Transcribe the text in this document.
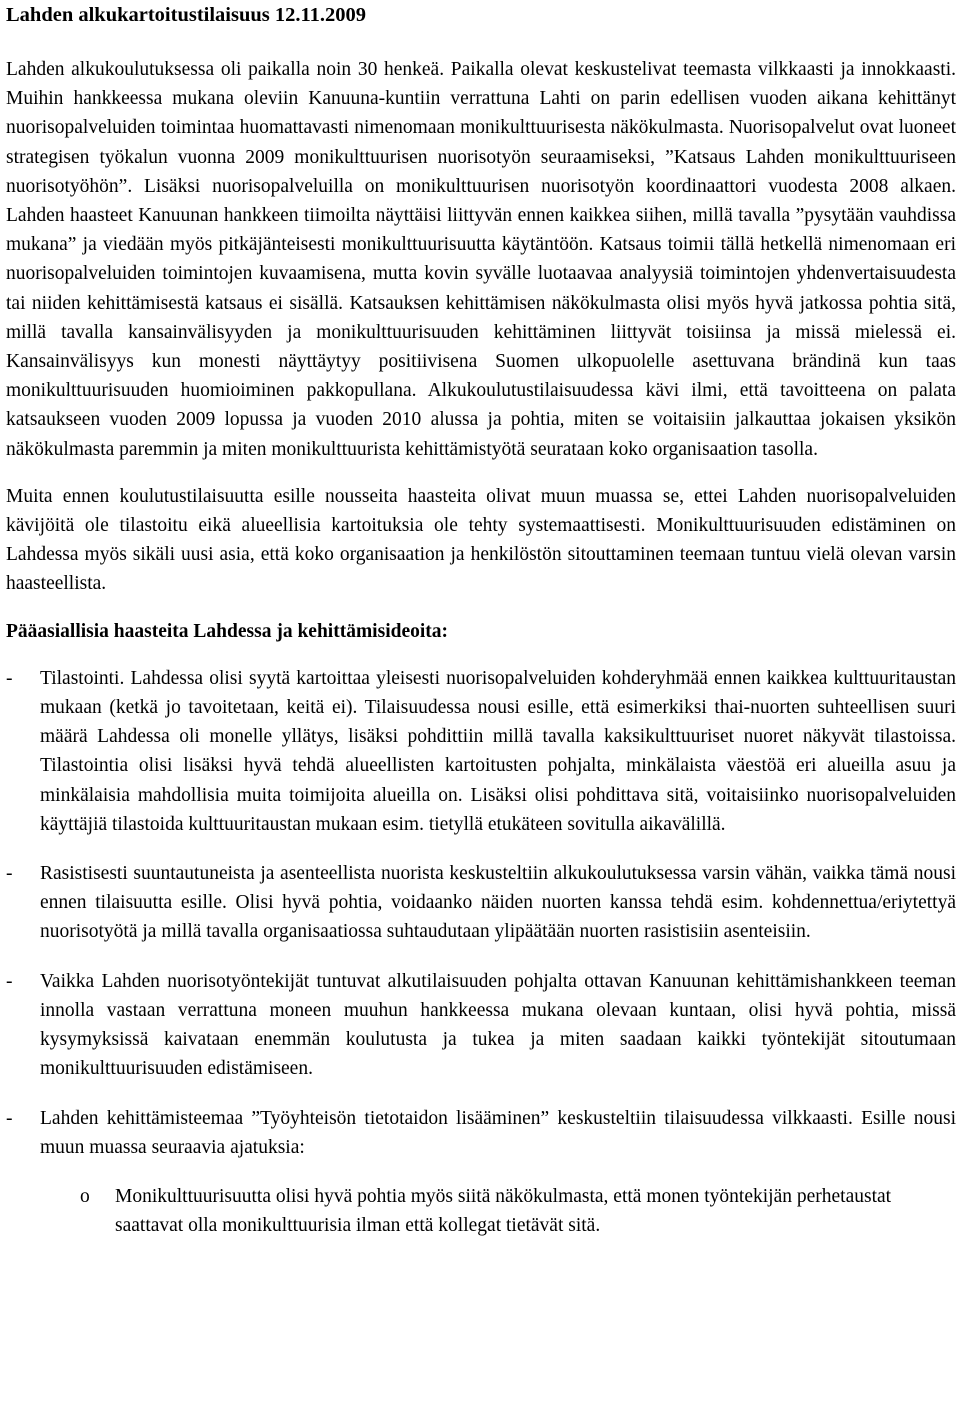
Lahden alkukartoitustilaisuus 12.11.2009

Lahden alkukoulutuksessa oli paikalla noin 30 henkeä. Paikalla olevat keskustelivat teemasta vilkkaasti ja innokkaasti. Muihin hankkeessa mukana oleviin Kanuuna-kuntiin verrattuna Lahti on parin edellisen vuoden aikana kehittänyt nuorisopalveluiden toimintaa huomattavasti nimenomaan monikulttuurisesta näkökulmasta. Nuorisopalvelut ovat luoneet strategisen työkalun vuonna 2009 monikulttuurisen nuorisotyön seuraamiseksi, ”Katsaus Lahden monikulttuuriseen nuorisotyöhön”. Lisäksi nuorisopalveluilla on monikulttuurisen nuorisotyön koordinaattori vuodesta 2008 alkaen. Lahden haasteet Kanuunan hankkeen tiimoilta näyttäisi liittyvän ennen kaikkea siihen, millä tavalla ”pysytään vauhdissa mukana” ja viedään myös pitkäjänteisesti monikulttuurisuutta käytäntöön. Katsaus toimii tällä hetkellä nimenomaan eri nuorisopalveluiden toimintojen kuvaamisena, mutta kovin syvälle luotaavaa analyysiä toimintojen yhdenvertaisuudesta tai niiden kehittämisestä katsaus ei sisällä. Katsauksen kehittämisen näkökulmasta olisi myös hyvä jatkossa pohtia sitä, millä tavalla kansainvälisyyden ja monikulttuurisuuden kehittäminen liittyvät toisiinsa ja missä mielessä ei. Kansainvälisyys kun monesti näyttäytyy positiivisena Suomen ulkopuolelle asettuvana brändinä kun taas monikulttuurisuuden huomioiminen pakkopullana. Alkukoulutustilaisuudessa kävi ilmi, että tavoitteena on palata katsaukseen vuoden 2009 lopussa ja vuoden 2010 alussa ja pohtia, miten se voitaisiin jalkauttaa jokaisen yksikön näkökulmasta paremmin ja miten monikulttuurista kehittämistyötä seurataan koko organisaation tasolla.

Muita ennen koulutustilaisuutta esille nousseita haasteita olivat muun muassa se, ettei Lahden nuorisopalveluiden kävijöitä ole tilastoitu eikä alueellisia kartoituksia ole tehty systemaattisesti. Monikulttuurisuuden edistäminen on Lahdessa myös sikäli uusi asia, että koko organisaation ja henkilöstön sitouttaminen teemaan tuntuu vielä olevan varsin haasteellista.

Pääasiallisia haasteita Lahdessa ja kehittämisideoita:
- Tilastointi. Lahdessa olisi syytä kartoittaa yleisesti nuorisopalveluiden kohderyhmää ennen kaikkea kulttuuritaustan mukaan (ketkä jo tavoitetaan, keitä ei). Tilaisuudessa nousi esille, että esimerkiksi thai-nuorten suhteellisen suuri määrä Lahdessa oli monelle yllätys, lisäksi pohdittiin millä tavalla kaksikulttuuriset nuoret näkyvät tilastoissa. Tilastointia olisi lisäksi hyvä tehdä alueellisten kartoitusten pohjalta, minkälaista väestöä eri alueilla asuu ja minkälaisia mahdollisia muita toimijoita alueilla on. Lisäksi olisi pohdittava sitä, voitaisiinko nuorisopalveluiden käyttäjiä tilastoida kulttuuritaustan mukaan esim. tietyllä etukäteen sovitulla aikavälillä.
- Rasistisesti suuntautuneista ja asenteellista nuorista keskusteltiin alkukoulutuksessa varsin vähän, vaikka tämä nousi ennen tilaisuutta esille. Olisi hyvä pohtia, voidaanko näiden nuorten kanssa tehdä esim. kohdennettua/eriytettyä nuorisotyötä ja millä tavalla organisaatiossa suhtaudutaan ylipäätään nuorten rasistisiin asenteisiin.
- Vaikka Lahden nuorisotyöntekijät tuntuvat alkutilaisuuden pohjalta ottavan Kanuunan kehittämishankkeen teeman innolla vastaan verrattuna moneen muuhun hankkeessa mukana olevaan kuntaan, olisi hyvä pohtia, missä kysymyksissä kaivataan enemmän koulutusta ja tukea ja miten saadaan kaikki työntekijät sitoutumaan monikulttuurisuuden edistämiseen.
- Lahden kehittämisteemaa ”Työyhteisön tietotaidon lisääminen” keskusteltiin tilaisuudessa vilkkaasti. Esille nousi muun muassa seuraavia ajatuksia:
o Monikulttuurisuutta olisi hyvä pohtia myös siitä näkökulmasta, että monen työntekijän perhetaustat saattavat olla monikulttuurisia ilman että kollegat tietävät sitä.
